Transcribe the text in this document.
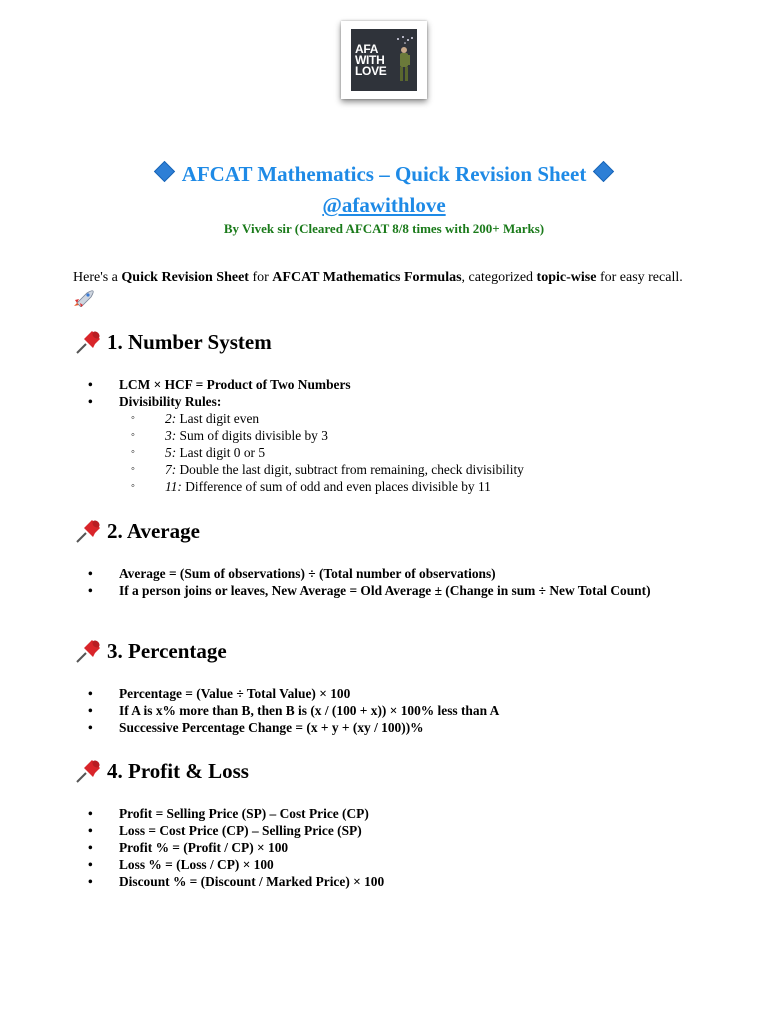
AFA
WITH
LOVE
AFCAT Mathematics – Quick Revision Sheet
@afawithlove
By Vivek sir (Cleared AFCAT 8/8 times with 200+ Marks)
Here's a Quick Revision Sheet for AFCAT Mathematics Formulas, categorized topic-wise for easy recall.
1. Number System
• LCM × HCF = Product of Two Numbers
• Divisibility Rules:
◦ 2: Last digit even
◦ 3: Sum of digits divisible by 3
◦ 5: Last digit 0 or 5
◦ 7: Double the last digit, subtract from remaining, check divisibility
◦ 11: Difference of sum of odd and even places divisible by 11
2. Average
• Average = (Sum of observations) ÷ (Total number of observations)
• If a person joins or leaves, New Average = Old Average ± (Change in sum ÷ New Total Count)
3. Percentage
• Percentage = (Value ÷ Total Value) × 100
• If A is x% more than B, then B is (x / (100 + x)) × 100% less than A
• Successive Percentage Change = (x + y + (xy / 100))%
4. Profit & Loss
• Profit = Selling Price (SP) – Cost Price (CP)
• Loss = Cost Price (CP) – Selling Price (SP)
• Profit % = (Profit / CP) × 100
• Loss % = (Loss / CP) × 100
• Discount % = (Discount / Marked Price) × 100
